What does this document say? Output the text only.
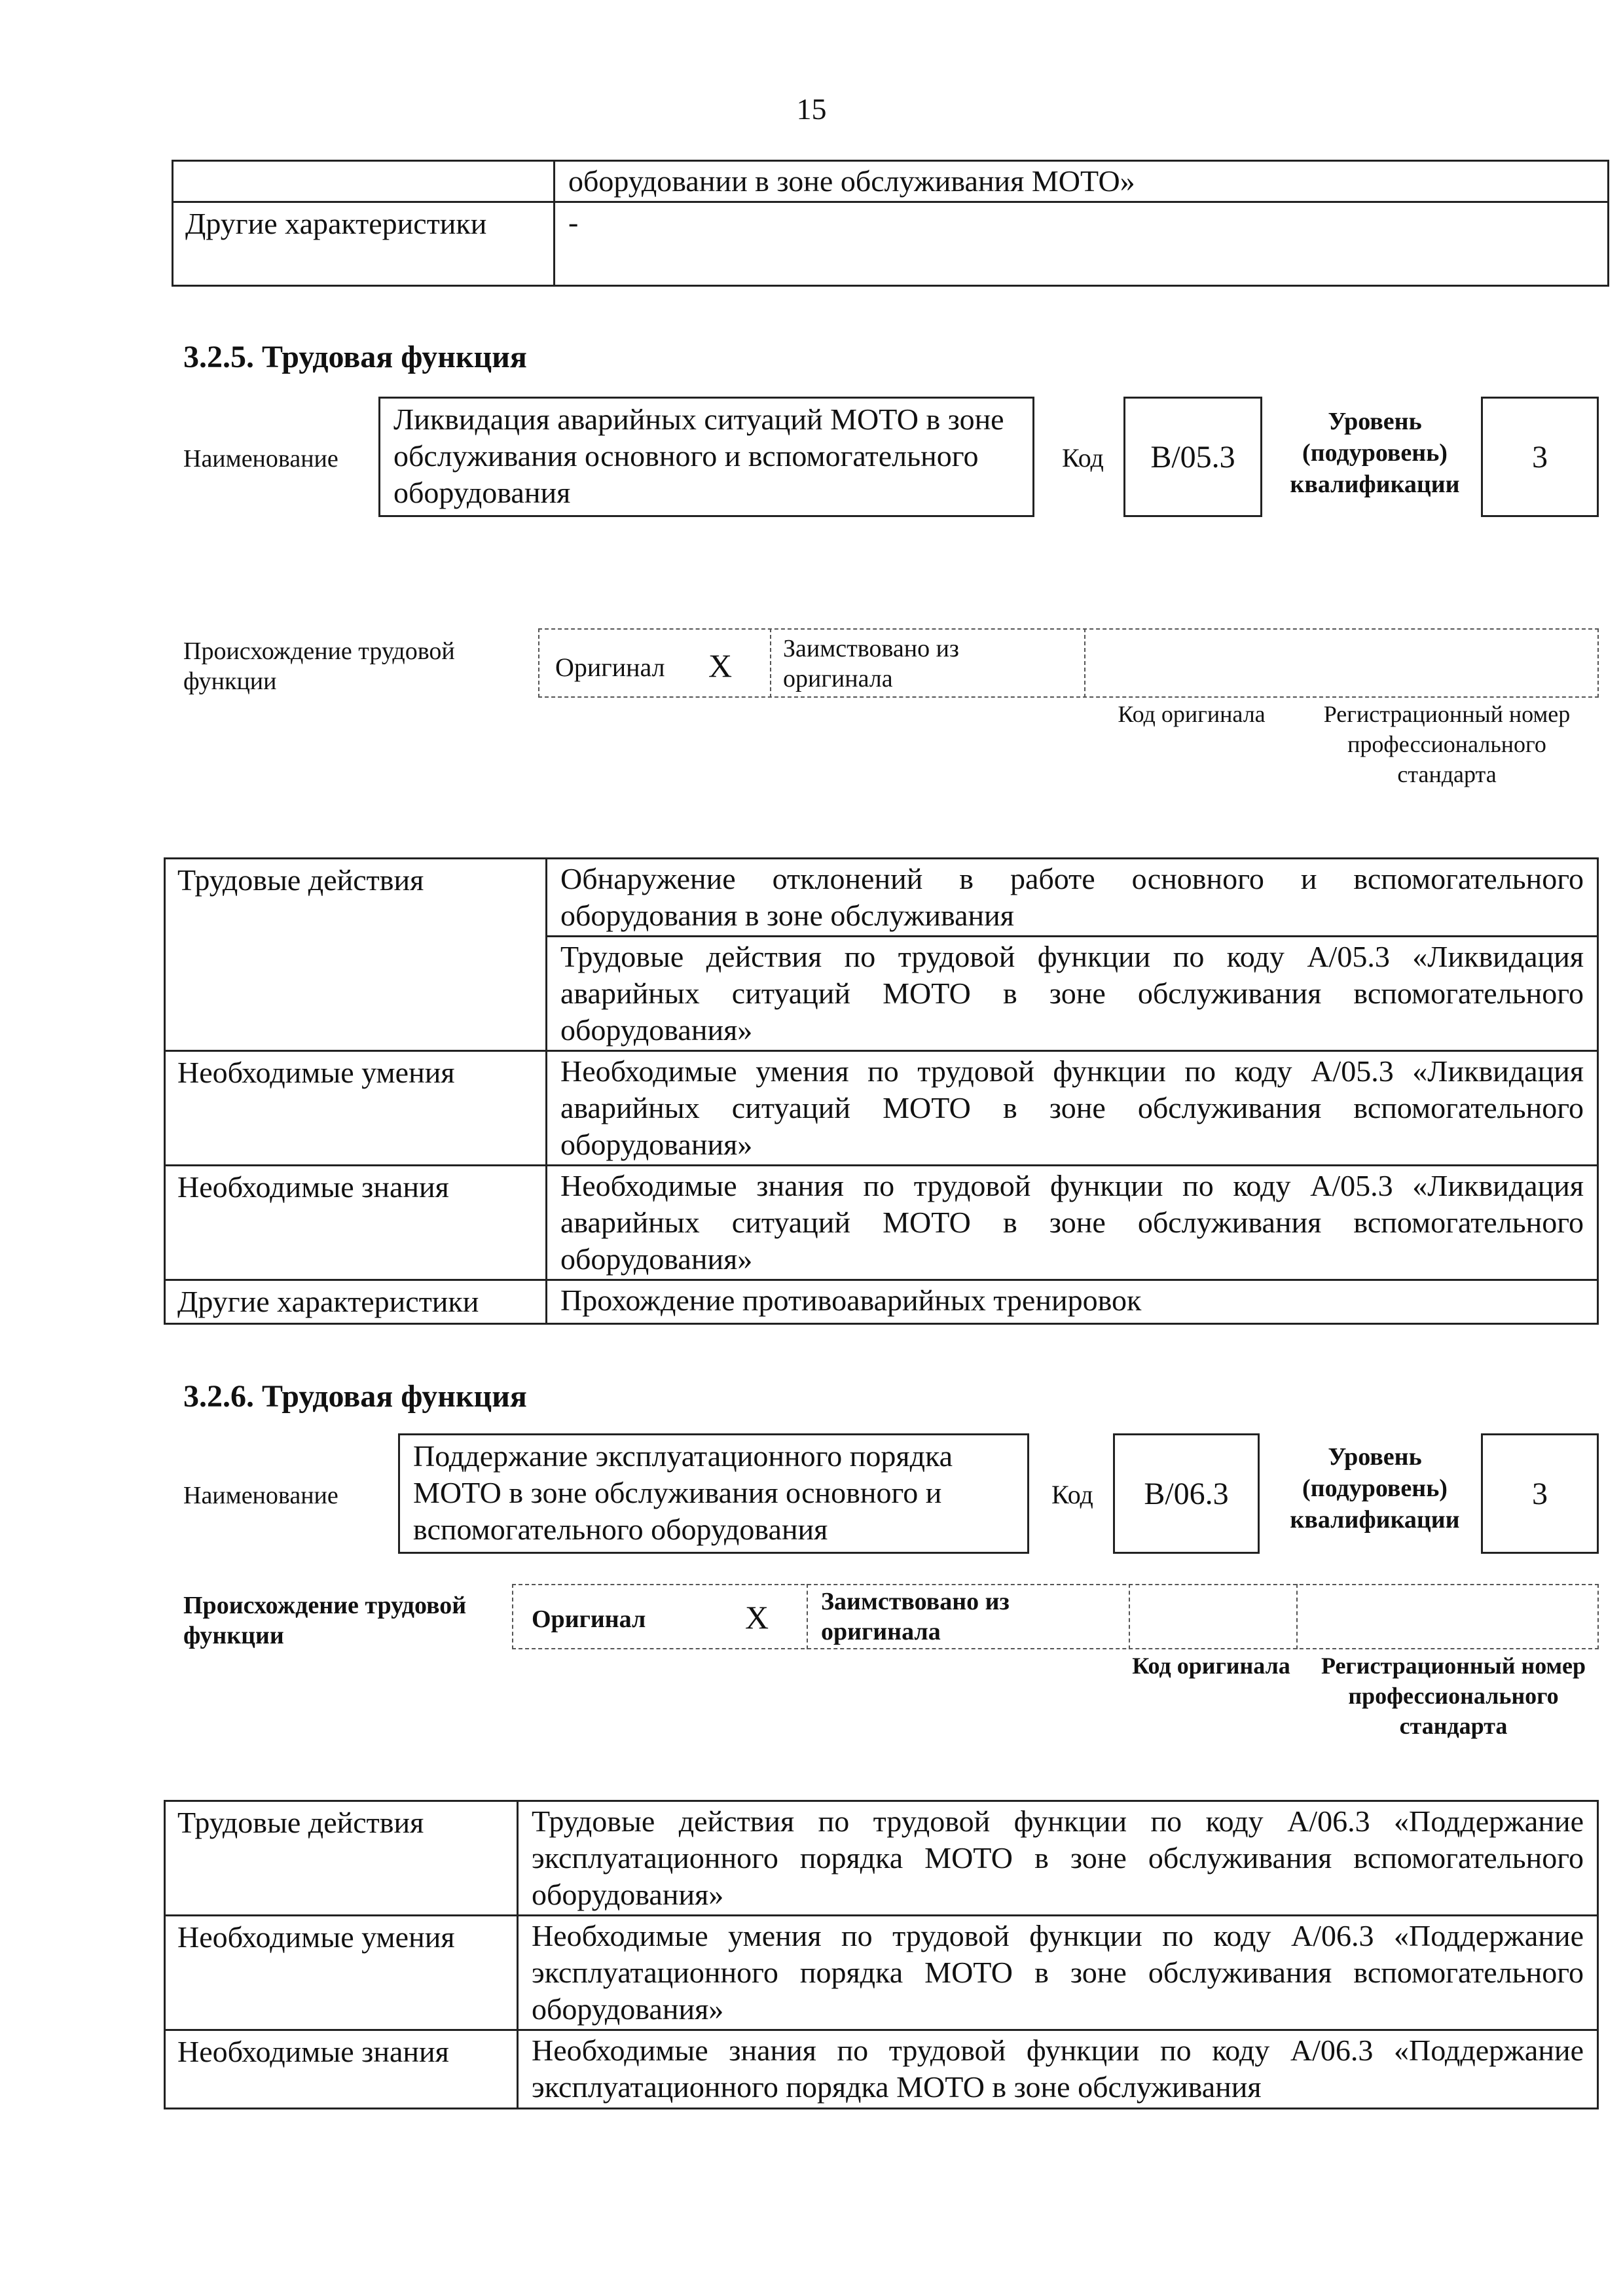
15
	оборудовании в зоне обслуживания МОТО»
Другие характеристики	-
3.2.5. Трудовая функция
Наименование
Ликвидация аварийных ситуаций МОТО в зоне обслуживания основного и вспомогательного оборудования
Код	B/05.3
Уровень (подуровень) квалификации
3
Происхождение трудовой функции	Оригинал X Заимствовано из оригинала
Код оригинала	Регистрационный номер профессионального стандарта
Трудовые действия	Обнаружение отклонений в работе основного и вспомогательного оборудования в зоне обслуживания
	Трудовые действия по трудовой функции по коду А/05.3 «Ликвидация аварийных ситуаций МОТО в зоне обслуживания вспомогательного оборудования»
Необходимые умения	Необходимые умения по трудовой функции по коду А/05.3 «Ликвидация аварийных ситуаций МОТО в зоне обслуживания вспомогательного оборудования»
Необходимые знания	Необходимые знания по трудовой функции по коду А/05.3 «Ликвидация аварийных ситуаций МОТО в зоне обслуживания вспомогательного оборудования»
Другие характеристики	Прохождение противоаварийных тренировок
3.2.6. Трудовая функция
Наименование
Поддержание эксплуатационного порядка МОТО в зоне обслуживания основного и вспомогательного оборудования
Код	B/06.3
Уровень (подуровень) квалификации
3
Происхождение трудовой функции
Оригинал	X Заимствовано из оригинала
Код оригинала	Регистрационный номер профессионального стандарта
Трудовые действия	Трудовые действия по трудовой функции по коду А/06.3 «Поддержание эксплуатационного порядка МОТО в зоне обслуживания вспомогательного оборудования»
Необходимые умения	Необходимые умения по трудовой функции по коду А/06.3 «Поддержание эксплуатационного порядка МОТО в зоне обслуживания вспомогательного оборудования»
Необходимые знания	Необходимые знания по трудовой функции по коду А/06.3 «Поддержание эксплуатационного порядка МОТО в зоне обслуживания
